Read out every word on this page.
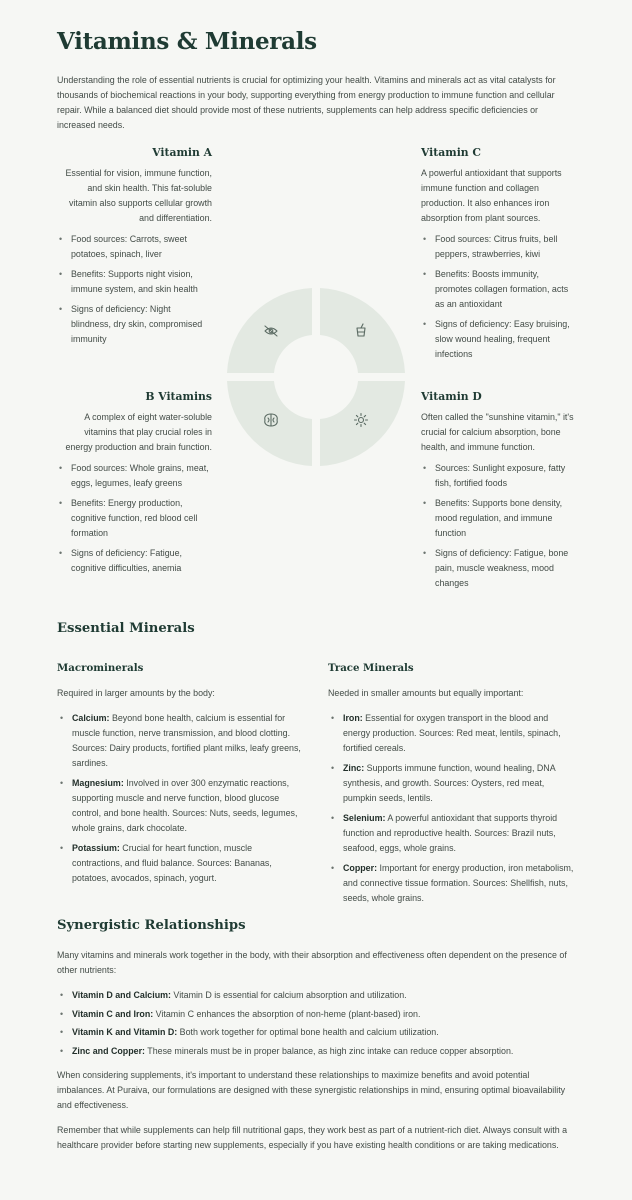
Vitamins & Minerals

Understanding the role of essential nutrients is crucial for optimizing your health. Vitamins and minerals act as vital catalysts for thousands of biochemical reactions in your body, supporting everything from energy production to immune function and cellular repair. While a balanced diet should provide most of these nutrients, supplements can help address specific deficiencies or increased needs.

Vitamin A

Essential for vision, immune function, and skin health. This fat-soluble vitamin also supports cellular growth and differentiation.

• Food sources: Carrots, sweet potatoes, spinach, liver
• Benefits: Supports night vision, immune system, and skin health
• Signs of deficiency: Night blindness, dry skin, compromised immunity
Vitamin C

A powerful antioxidant that supports immune function and collagen production. It also enhances iron absorption from plant sources.

• Food sources: Citrus fruits, bell peppers, strawberries, kiwi
• Benefits: Boosts immunity, promotes collagen formation, acts as an antioxidant
• Signs of deficiency: Easy bruising, slow wound healing, frequent infections
B Vitamins

A complex of eight water-soluble vitamins that play crucial roles in energy production and brain function.

• Food sources: Whole grains, meat, eggs, legumes, leafy greens
• Benefits: Energy production, cognitive function, red blood cell formation
• Signs of deficiency: Fatigue, cognitive difficulties, anemia
Vitamin D

Often called the "sunshine vitamin," it's crucial for calcium absorption, bone health, and immune function.

• Sources: Sunlight exposure, fatty fish, fortified foods
• Benefits: Supports bone density, mood regulation, and immune function
• Signs of deficiency: Fatigue, bone pain, muscle weakness, mood changes
Essential Minerals
Macrominerals

Required in larger amounts by the body:

• Calcium: Beyond bone health, calcium is essential for muscle function, nerve transmission, and blood clotting. Sources: Dairy products, fortified plant milks, leafy greens, sardines.
• Magnesium: Involved in over 300 enzymatic reactions, supporting muscle and nerve function, blood glucose control, and bone health. Sources: Nuts, seeds, legumes, whole grains, dark chocolate.
• Potassium: Crucial for heart function, muscle contractions, and fluid balance. Sources: Bananas, potatoes, avocados, spinach, yogurt.
Trace Minerals

Needed in smaller amounts but equally important:

• Iron: Essential for oxygen transport in the blood and energy production. Sources: Red meat, lentils, spinach, fortified cereals.
• Zinc: Supports immune function, wound healing, DNA synthesis, and growth. Sources: Oysters, red meat, pumpkin seeds, lentils.
• Selenium: A powerful antioxidant that supports thyroid function and reproductive health. Sources: Brazil nuts, seafood, eggs, whole grains.
• Copper: Important for energy production, iron metabolism, and connective tissue formation. Sources: Shellfish, nuts, seeds, whole grains.
Synergistic Relationships

Many vitamins and minerals work together in the body, with their absorption and effectiveness often dependent on the presence of other nutrients:

• Vitamin D and Calcium: Vitamin D is essential for calcium absorption and utilization.
• Vitamin C and Iron: Vitamin C enhances the absorption of non-heme (plant-based) iron.
• Vitamin K and Vitamin D: Both work together for optimal bone health and calcium utilization.
• Zinc and Copper: These minerals must be in proper balance, as high zinc intake can reduce copper absorption.

When considering supplements, it's important to understand these relationships to maximize benefits and avoid potential imbalances. At Puraiva, our formulations are designed with these synergistic relationships in mind, ensuring optimal bioavailability and effectiveness.

Remember that while supplements can help fill nutritional gaps, they work best as part of a nutrient-rich diet. Always consult with a healthcare provider before starting new supplements, especially if you have existing health conditions or are taking medications.
